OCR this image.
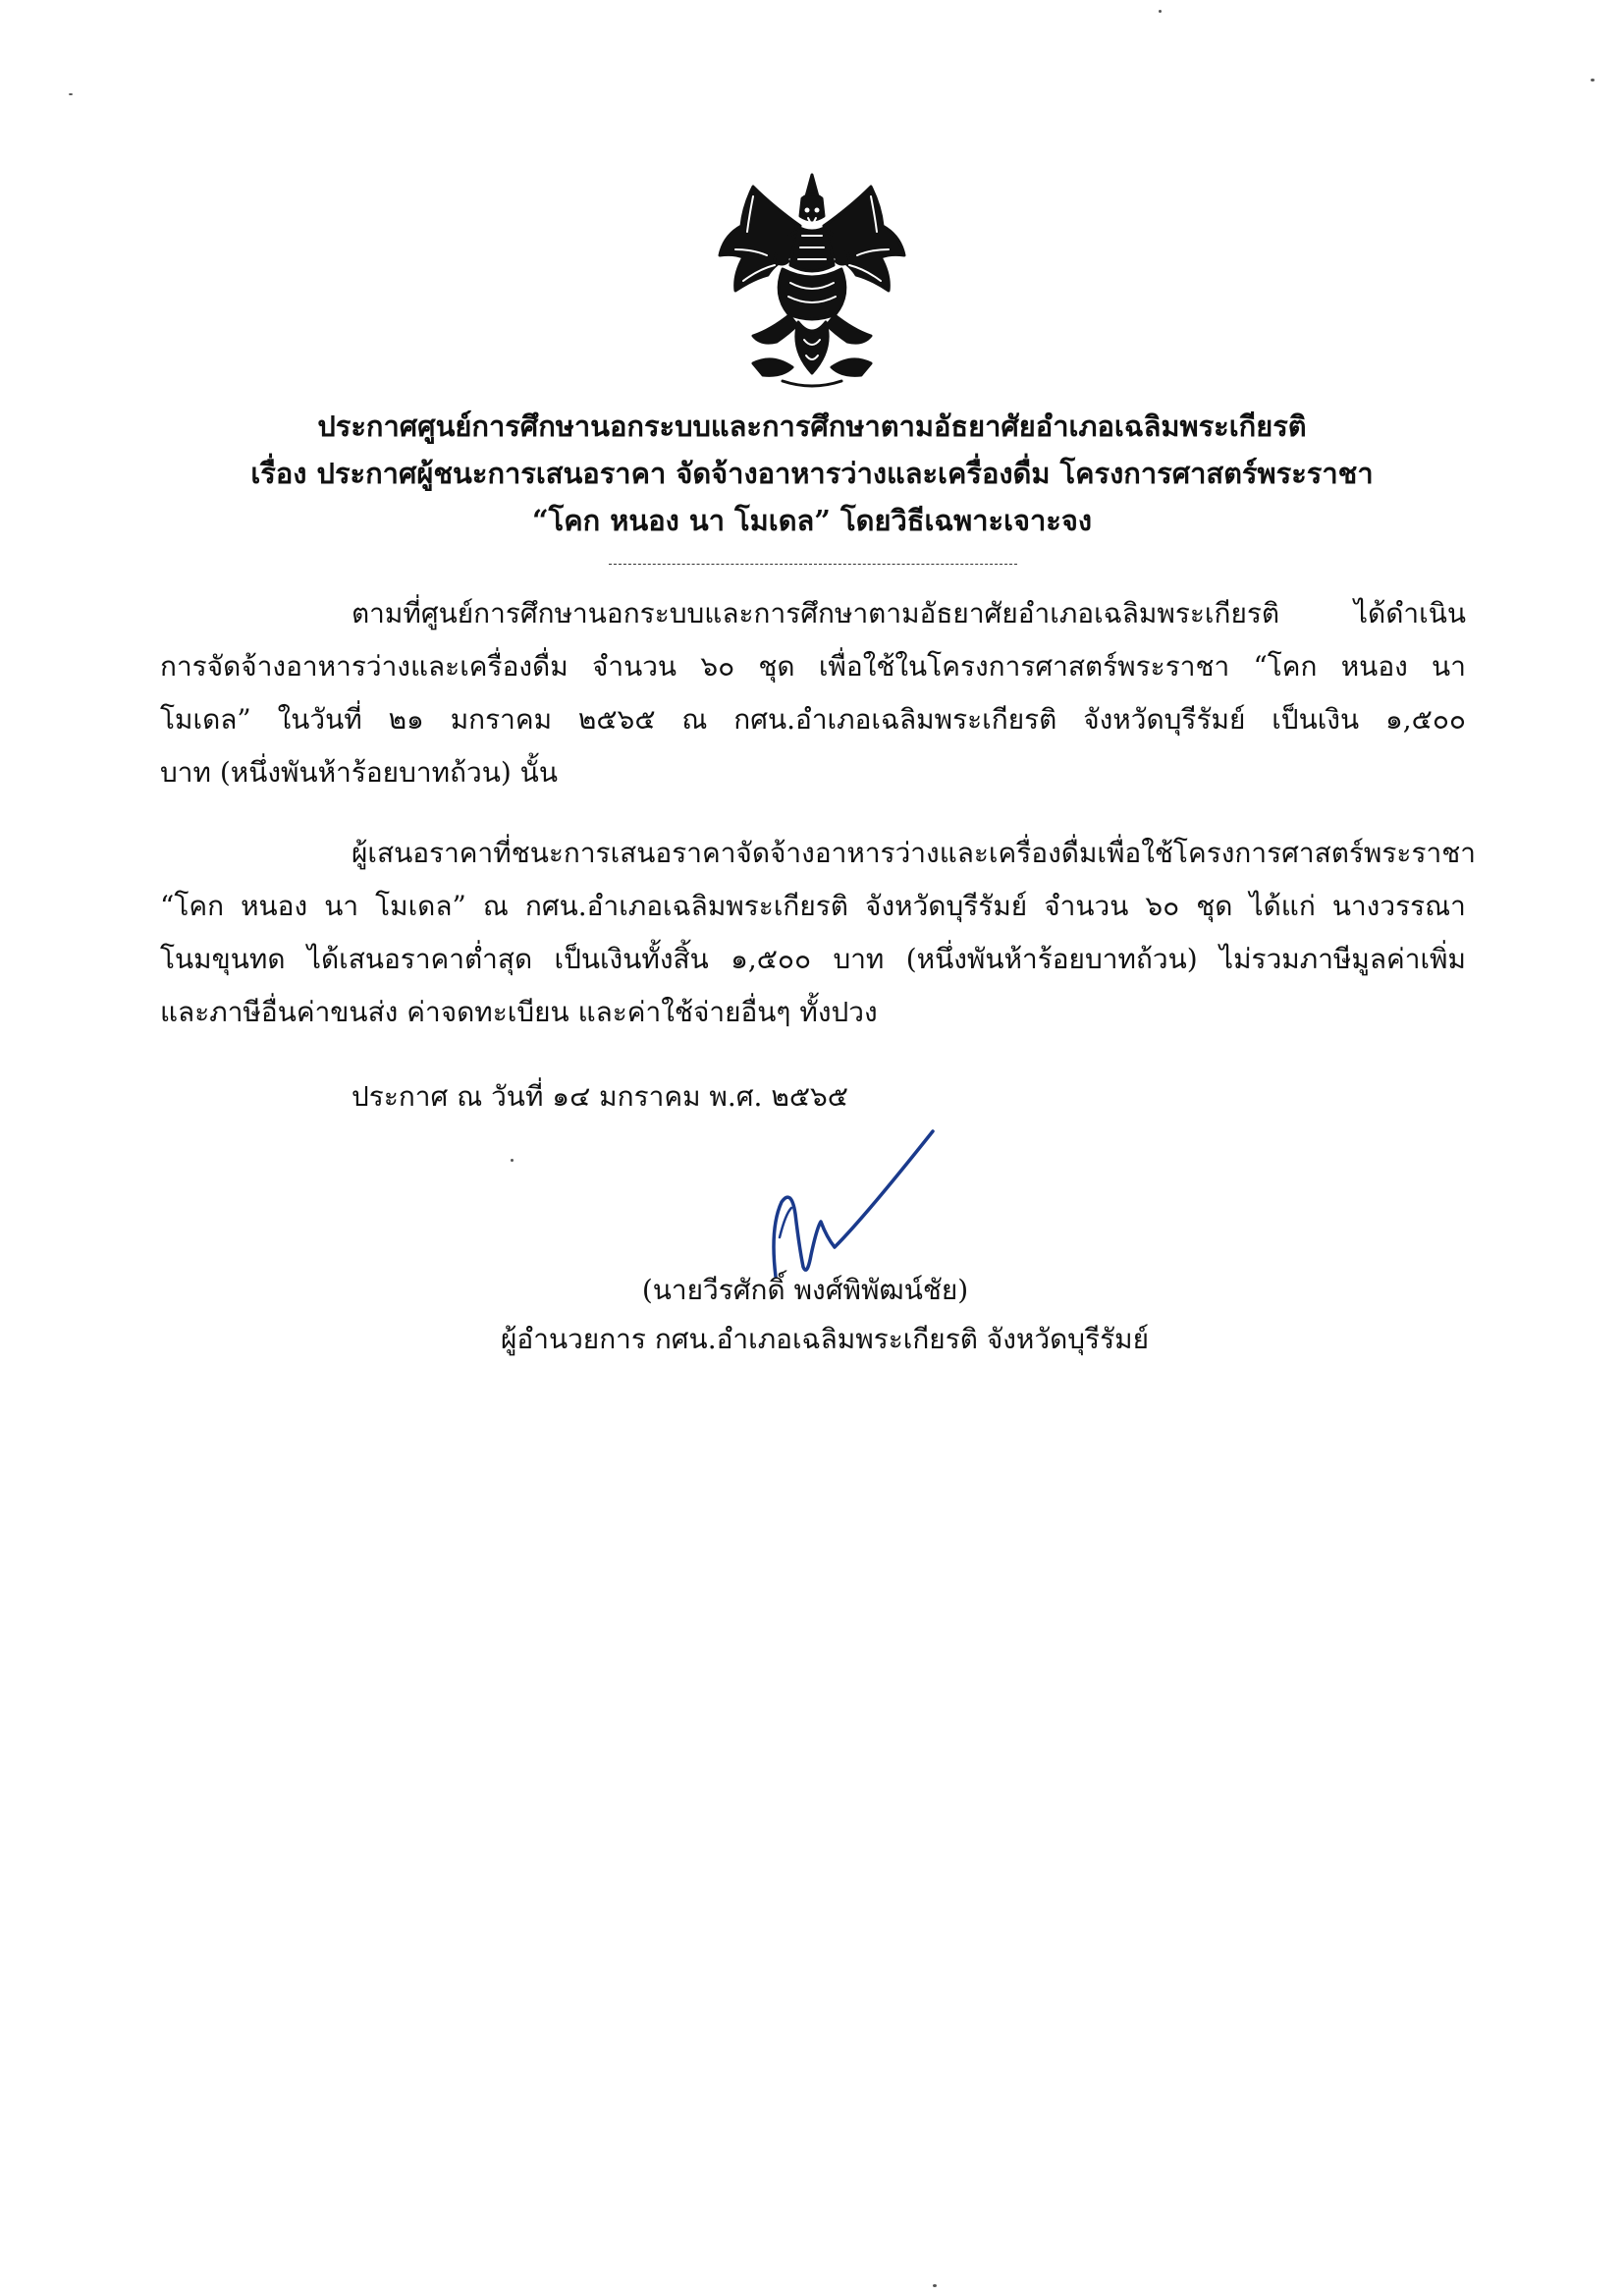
ประกาศศูนย์การศึกษานอกระบบและการศึกษาตามอัธยาศัยอำเภอเฉลิมพระเกียรติ
เรื่อง ประกาศผู้ชนะการเสนอราคา จัดจ้างอาหารว่างและเครื่องดื่ม โครงการศาสตร์พระราชา
“โคก หนอง นา โมเดล” โดยวิธีเฉพาะเจาะจง
ตามที่ศูนย์การศึกษานอกระบบและการศึกษาตามอัธยาศัยอำเภอเฉลิมพระเกียรติ	ได้ดำเนิน
การจัดจ้างอาหารว่างและเครื่องดื่ม จำนวน ๖๐ ชุด เพื่อใช้ในโครงการศาสตร์พระราชา “โคก หนอง นา
โมเดล” ในวันที่ ๒๑ มกราคม ๒๕๖๕ ณ กศน.อำเภอเฉลิมพระเกียรติ จังหวัดบุรีรัมย์ เป็นเงิน ๑,๕๐๐
บาท (หนึ่งพันห้าร้อยบาทถ้วน) นั้น
ผู้เสนอราคาที่ชนะการเสนอราคาจัดจ้างอาหารว่างและเครื่องดื่ม เพื่อใช้โครงการศาสตร์พระราชา
“โคก หนอง นา โมเดล” ณ กศน.อำเภอเฉลิมพระเกียรติ จังหวัดบุรีรัมย์ จำนวน ๖๐ ชุด ได้แก่ นางวรรณา
โนมขุนทด ได้เสนอราคาต่ำสุด เป็นเงินทั้งสิ้น ๑,๕๐๐ บาท (หนึ่งพันห้าร้อยบาทถ้วน) ไม่รวมภาษีมูลค่าเพิ่ม
และภาษีอื่นค่าขนส่ง ค่าจดทะเบียน และค่าใช้จ่ายอื่นๆ ทั้งปวง
ประกาศ ณ วันที่ ๑๔ มกราคม พ.ศ. ๒๕๖๕
(นายวีรศักดิ์ พงศ์พิพัฒน์ชัย)
ผู้อำนวยการ กศน.อำเภอเฉลิมพระเกียรติ จังหวัดบุรีรัมย์
